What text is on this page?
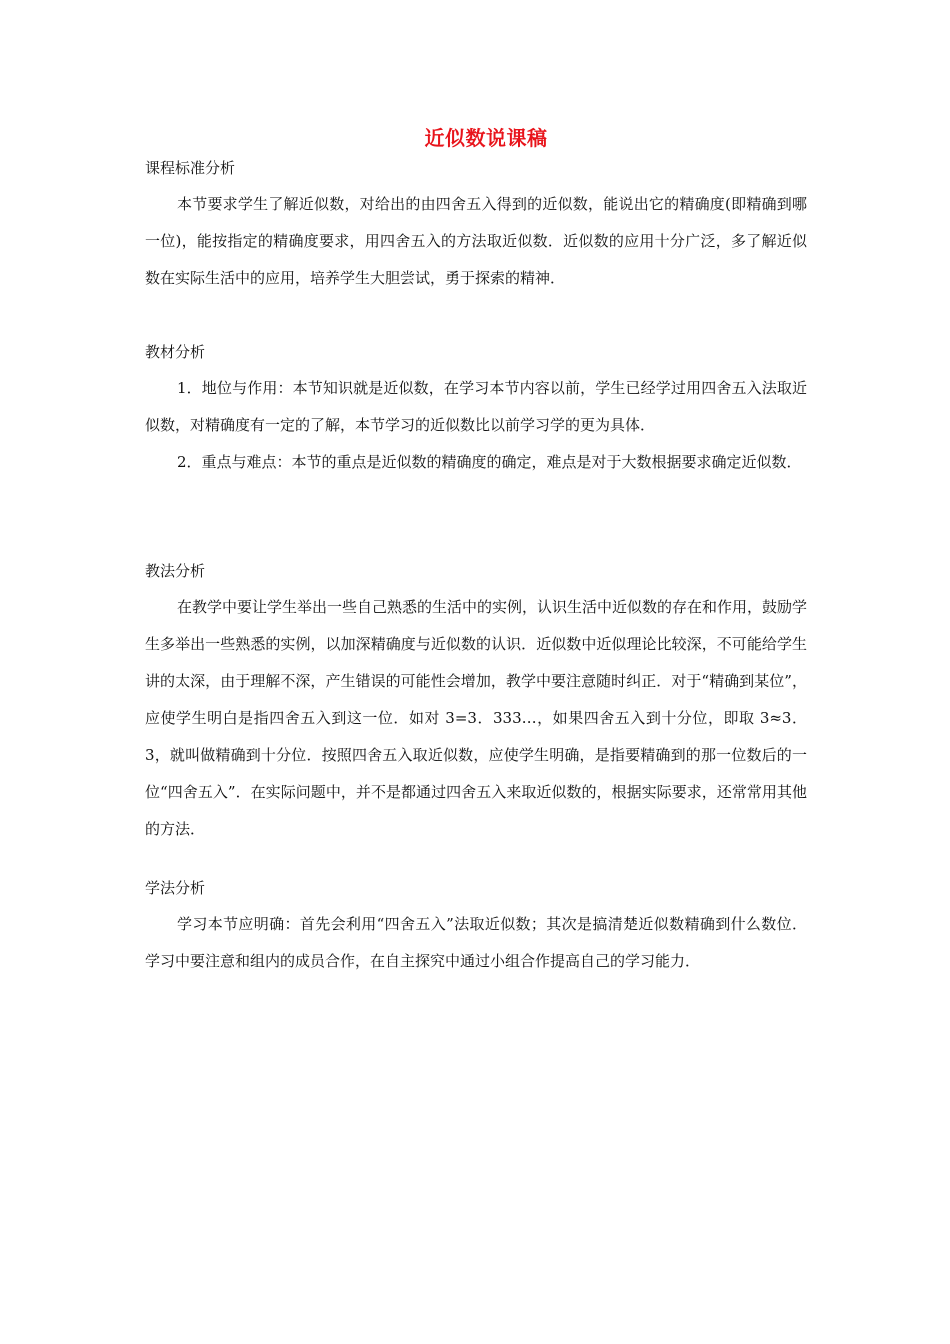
近似数说课稿
课程标准分析
本节要求学生了解近似数，对给出的由四舍五入得到的近似数，能说出它的精确度(即精确到哪一位)，能按指定的精确度要求，用四舍五入的方法取近似数．近似数的应用十分广泛，多了解近似数在实际生活中的应用，培养学生大胆尝试，勇于探索的精神．
教材分析
1．地位与作用：本节知识就是近似数，在学习本节内容以前，学生已经学过用四舍五入法取近似数，对精确度有一定的了解，本节学习的近似数比以前学习学的更为具体．
2．重点与难点：本节的重点是近似数的精确度的确定，难点是对于大数根据要求确定近似数．
教法分析
在教学中要让学生举出一些自己熟悉的生活中的实例，认识生活中近似数的存在和作用，鼓励学生多举出一些熟悉的实例，以加深精确度与近似数的认识．近似数中近似理论比较深，不可能给学生讲的太深，由于理解不深，产生错误的可能性会增加，教学中要注意随时纠正．对于“精确到某位”，应使学生明白是指四舍五入到这一位．如对 3=3．333…，如果四舍五入到十分位，即取 3≈3．3，就叫做精确到十分位．按照四舍五入取近似数，应使学生明确，是指要精确到的那一位数后的一位“四舍五入”．在实际问题中，并不是都通过四舍五入来取近似数的，根据实际要求，还常常用其他的方法．
学法分析
学习本节应明确：首先会利用“四舍五入”法取近似数；其次是搞清楚近似数精确到什么数位．学习中要注意和组内的成员合作，在自主探究中通过小组合作提高自己的学习能力．
